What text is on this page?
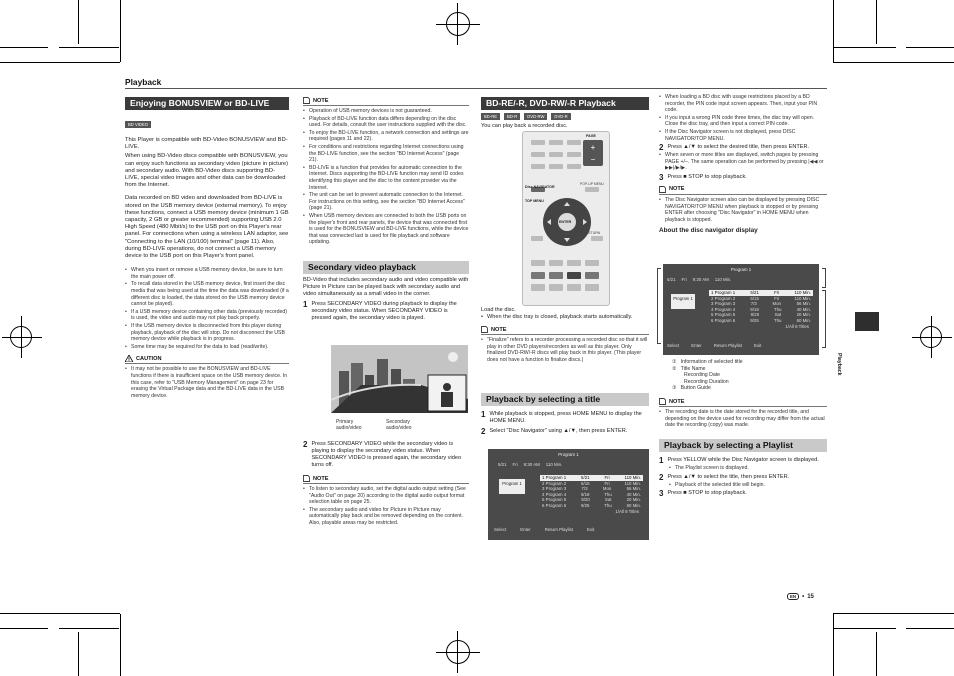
Playback
Playback
EN	• 15
Enjoying BONUSVIEW or BD-LIVE
BD VIDEO
This Player is compatible with BD-Video BONUSVIEW and BD-LIVE.
When using BD-Video discs compatible with BONUSVIEW, you can enjoy such functions as secondary video (picture in picture) and secondary audio. With BD-Video discs supporting BD-LIVE, special video images and other data can be downloaded from the Internet.
Data recorded on BD video and downloaded from BD-LIVE is stored on the USB memory device (external memory). To enjoy these functions, connect a USB memory device (minimum 1 GB capacity, 2 GB or greater recommended) supporting USB 2.0 High Speed (480 Mbit/s) to the USB port on this Player's rear panel. For connections when using a wireless LAN adaptor, see "Connecting to the LAN (10/100) terminal" (page 11). Also, during BD-LIVE operations, do not connect a USB memory device to the USB port on this Player's front panel.
• When you insert or remove a USB memory device, be sure to turn the main power off.
• To recall data stored in the USB memory device, first insert the disc media that was being used at the time the data was downloaded (if a different disc is loaded, the data stored on the USB memory device cannot be played).
• If a USB memory device containing other data (previously recorded) is used, the video and audio may not play back properly.
• If the USB memory device is disconnected from this player during playback, playback of the disc will stop. Do not disconnect the USB memory device while playback is in progress.
• Some time may be required for the data to load (read/write).
CAUTION
• It may not be possible to use the BONUSVIEW and BD-LIVE functions if there is insufficient space on the USB memory device. In this case, refer to "USB Memory Management" on page 23 for erasing the Virtual Package data and the BD-LIVE data in the USB memory device.
NOTE
• Operation of USB memory devices is not guaranteed.
• Playback of BD-LIVE function data differs depending on the disc used. For details, consult the user instructions supplied with the disc.
• To enjoy the BD-LIVE function, a network connection and settings are required (pages 11 and 22).
• For conditions and restrictions regarding Internet connections using the BD-LIVE function, see the section "BD Internet Access" (page 21).
• BD-LIVE is a function that provides for automatic connection to the Internet. Discs supporting the BD-LIVE function may send ID codes identifying this player and the disc to the content provider via the Internet.
• The unit can be set to prevent automatic connection to the Internet. For instructions on this setting, see the section "BD Internet Access" (page 21).
• When USB memory devices are connected to both the USB ports on the player's front and rear panels, the device that was connected first is used for the BONUSVIEW and BD-LIVE functions, while the device that was connected last is used for file playback and software updating.
Secondary video playback
BD-Video that includes secondary audio and video compatible with Picture in Picture can be played back with secondary audio and video simultaneously as a small video in the corner.
1 Press SECONDARY VIDEO during playback to display the secondary video status. When SECONDARY VIDEO is pressed again, the secondary video is played.
Primary audio/video
Secondary audio/video
2 Press SECONDARY VIDEO while the secondary video is playing to display the secondary video status. When SECONDARY VIDEO is pressed again, the secondary video turns off.
NOTE
• To listen to secondary audio, set the digital audio output setting (See "Audio Out" on page 20) according to the digital audio output format selection table on page 25.
• The secondary audio and video for Picture in Picture may automatically play back and be removed depending on the content. Also, playable areas may be restricted.
BD-RE/-R, DVD-RW/-R Playback
BD-RE	BD-R	DVD-RW	DVD-R
You can play back a recorded disc.
+
−
Disc NAVIGATOR
TOP MENU
POP-UP MENU
ENTER
RETURN
PAGE
Load the disc.
• When the disc tray is closed, playback starts automatically.
NOTE
• "Finalize" refers to a recorder processing a recorded disc so that it will play in other DVD players/recorders as well as this player. Only finalized DVD-RW/-R discs will play back in this player. (This player does not have a function to finalize discs.)
Playback by selecting a title
1 While playback is stopped, press HOME MENU to display the HOME MENU.
2 Select "Disc Navigator" using ▲/▼, then press ENTER.
Program 1
5/21 Fri 9:30 AM 110 Min.
Program 1
1 Program 1	5/21	Fri	110 Min.
2 Program 2	6/15	Fri	110 Min.
3 Program 3	7/3	Mon	56 Min.
4 Program 4	9/18	Thu	40 Min.
5 Program 5	9/20	Sat	20 Min.
6 Program 6	9/25	Thu	60 Min.
1/All 8 Titles
Select	Enter	Return Playlist	Exit
• When loading a BD disc with usage restrictions placed by a BD recorder, the PIN code input screen appears. Then, input your PIN code.
• If you input a wrong PIN code three times, the disc tray will open. Close the disc tray, and then input a correct PIN code.
• If the Disc Navigator screen is not displayed, press DISC NAVIGATOR/TOP MENU.
2 Press ▲/▼ to select the desired title, then press ENTER.
• When seven or more titles are displayed, switch pages by pressing PAGE +/–. The same operation can be performed by pressing |◀◀ or ▶▶|/▶/▶.
3 Press ■ STOP to stop playback.
NOTE
• The Disc Navigator screen also can be displayed by pressing DISC NAVIGATOR/TOP MENU when playback is stopped or by pressing ENTER after choosing "Disc Navigator" in HOME MENU when playback is stopped.
About the disc navigator display
Program 1
5/21 Fri 9:30 AM 110 Min.
Program 1
1 Program 1	5/21	Fri	110 Min.
2 Program 2	6/15	Fri	110 Min.
3 Program 3	7/3	Mon	56 Min.
4 Program 4	9/18	Thu	40 Min.
5 Program 5	9/20	Sat	20 Min.
6 Program 6	9/25	Thu	60 Min.
1/All 8 Titles
Select	Enter	Return Playlist	Exit
① Information of selected title
② Title Name
Recording Date
Recording Duration
③ Button Guide
NOTE
• The recording date is the date stored for the recorded title, and depending on the device used for recording may differ from the actual date the recording (copy) was made.
Playback by selecting a Playlist
1 Press YELLOW while the Disc Navigator screen is displayed.
• The Playlist screen is displayed.
2 Press ▲/▼ to select the title, then press ENTER.
• Playback of the selected title will begin.
3 Press ■ STOP to stop playback.
